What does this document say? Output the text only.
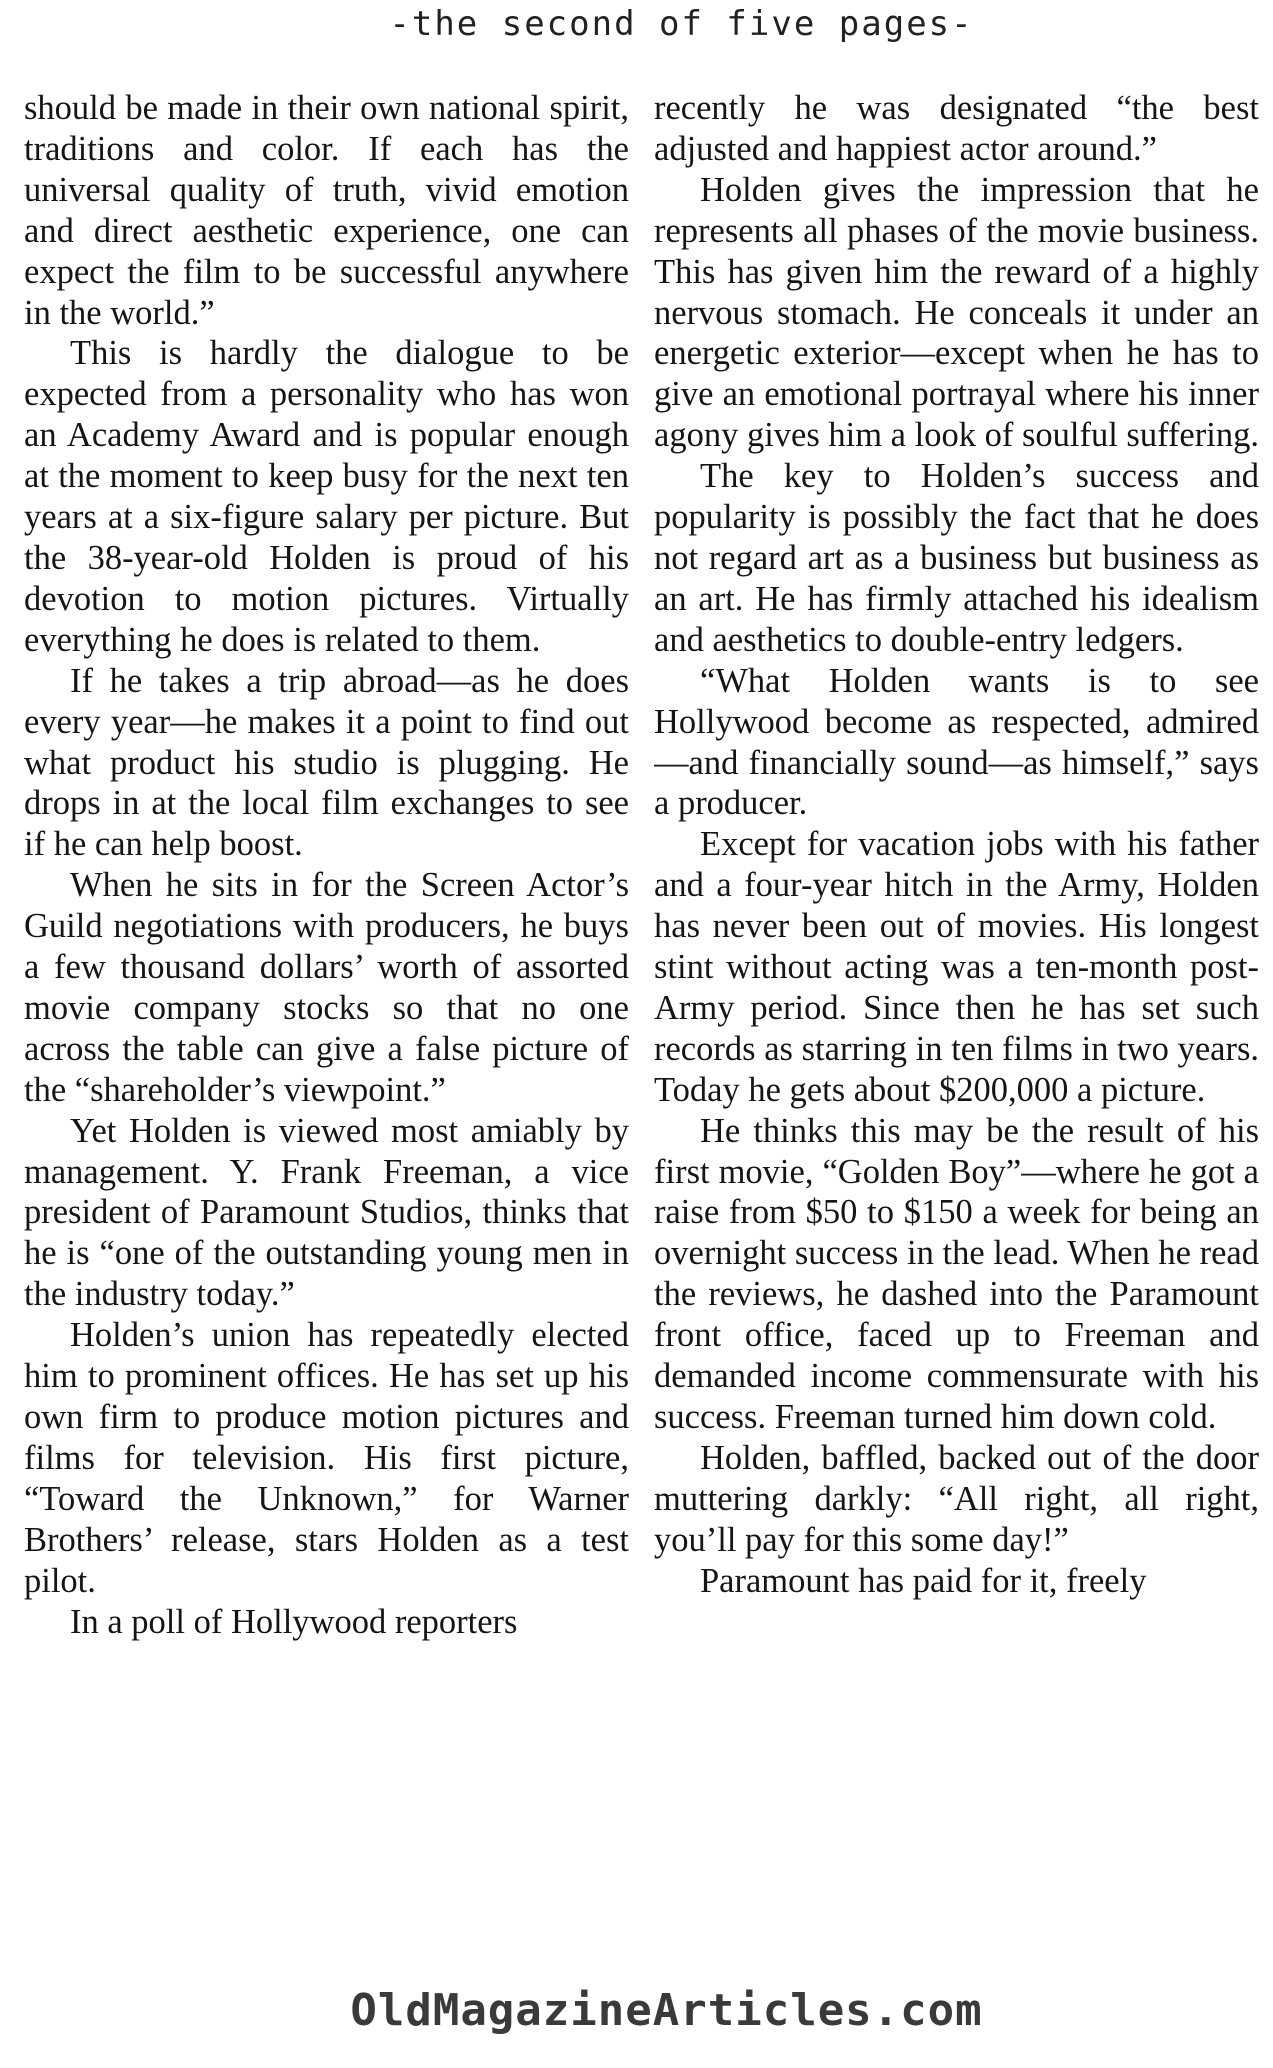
-the second of five pages-

should be made in their own national spirit, traditions and color. If each has the universal quality of truth, vivid emotion and direct aesthetic experience, one can expect the film to be successful anywhere in the world.”

This is hardly the dialogue to be expected from a personality who has won an Academy Award and is popular enough at the moment to keep busy for the next ten years at a six-figure salary per picture. But the 38-year-old Holden is proud of his devotion to motion pictures. Virtually everything he does is related to them.

If he takes a trip abroad—as he does every year—he makes it a point to find out what product his studio is plugging. He drops in at the local film exchanges to see if he can help boost.

When he sits in for the Screen Actor’s Guild negotiations with producers, he buys a few thousand dollars’ worth of assorted movie company stocks so that no one across the table can give a false picture of the “shareholder’s viewpoint.”

Yet Holden is viewed most amiably by management. Y. Frank Freeman, a vice president of Paramount Studios, thinks that he is “one of the outstanding young men in the industry today.”

Holden’s union has repeatedly elected him to prominent offices. He has set up his own firm to produce motion pictures and films for television. His first picture, “Toward the Unknown,” for Warner Brothers’ release, stars Holden as a test pilot.

In a poll of Hollywood reporters

recently he was designated “the best adjusted and happiest actor around.”

Holden gives the impression that he represents all phases of the movie business. This has given him the reward of a highly nervous stomach. He conceals it under an energetic exterior—except when he has to give an emotional portrayal where his inner agony gives him a look of soulful suffering.

The key to Holden’s success and popularity is possibly the fact that he does not regard art as a business but business as an art. He has firmly attached his idealism and aesthetics to double-entry ledgers.

“What Holden wants is to see Hollywood become as respected, admired—and financially sound—as himself,” says a producer.

Except for vacation jobs with his father and a four-year hitch in the Army, Holden has never been out of movies. His longest stint without acting was a ten-month post-Army period. Since then he has set such records as starring in ten films in two years. Today he gets about $200,000 a picture.

He thinks this may be the result of his first movie, “Golden Boy”—where he got a raise from $50 to $150 a week for being an overnight success in the lead. When he read the reviews, he dashed into the Paramount front office, faced up to Freeman and demanded income commensurate with his success. Freeman turned him down cold.

Holden, baffled, backed out of the door muttering darkly: “All right, all right, you’ll pay for this some day!”

Paramount has paid for it, freely

OldMagazineArticles.com
